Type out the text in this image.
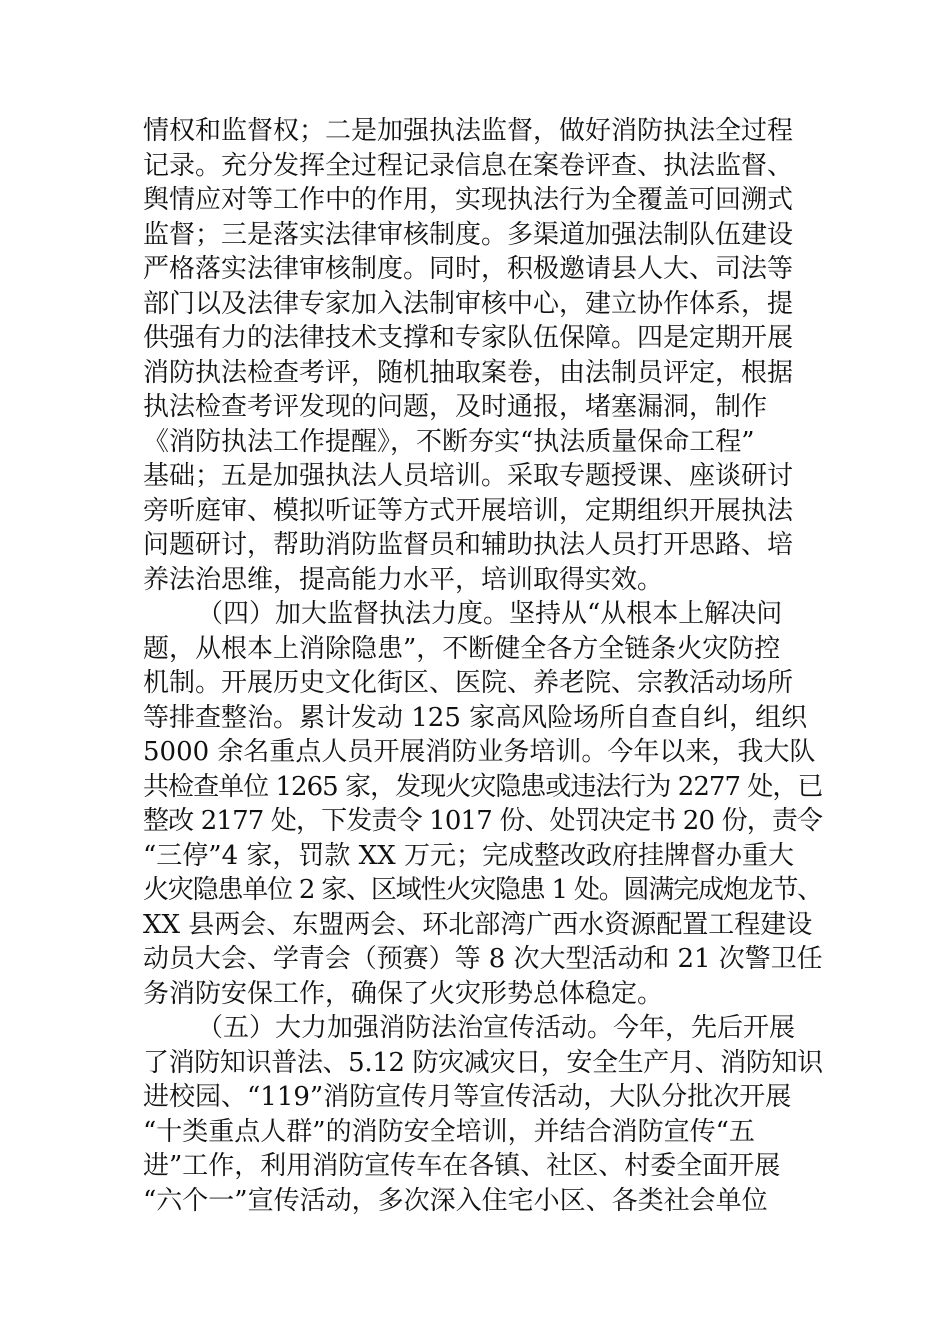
情权和监督权；二是加强执法监督，做好消防执法全过程
记录。充分发挥全过程记录信息在案卷评查、执法监督、
舆情应对等工作中的作用，实现执法行为全覆盖可回溯式
监督；三是落实法律审核制度。多渠道加强法制队伍建设
严格落实法律审核制度。同时，积极邀请县人大、司法等
部门以及法律专家加入法制审核中心，建立协作体系，提
供强有力的法律技术支撑和专家队伍保障。四是定期开展
消防执法检查考评，随机抽取案卷，由法制员评定，根据
执法检查考评发现的问题，及时通报，堵塞漏洞，制作
《消防执法工作提醒》，不断夯实“执法质量保命工程”
基础；五是加强执法人员培训。采取专题授课、座谈研讨
旁听庭审、模拟听证等方式开展培训，定期组织开展执法
问题研讨，帮助消防监督员和辅助执法人员打开思路、培
养法治思维，提高能力水平，培训取得实效。
（四）加大监督执法力度。坚持从“从根本上解决问
题，从根本上消除隐患”，不断健全各方全链条火灾防控
机制。开展历史文化街区、医院、养老院、宗教活动场所
等排查整治。累计发动 125 家高风险场所自查自纠，组织
5000 余名重点人员开展消防业务培训。今年以来，我大队
共检查单位 1265 家，发现火灾隐患或违法行为 2277 处，已
整改 2177 处，下发责令 1017 份、处罚决定书 20 份，责令
“三停”4 家，罚款 XX 万元；完成整改政府挂牌督办重大
火灾隐患单位 2 家、区域性火灾隐患 1 处。圆满完成炮龙节、
XX 县两会、东盟两会、环北部湾广西水资源配置工程建设
动员大会、学青会（预赛）等 8 次大型活动和 21 次警卫任
务消防安保工作，确保了火灾形势总体稳定。
（五）大力加强消防法治宣传活动。今年，先后开展
了消防知识普法、5.12 防灾减灾日，安全生产月、消防知识
进校园、“119”消防宣传月等宣传活动，大队分批次开展
“十类重点人群”的消防安全培训，并结合消防宣传“五
进”工作，利用消防宣传车在各镇、社区、村委全面开展
“六个一”宣传活动，多次深入住宅小区、各类社会单位
